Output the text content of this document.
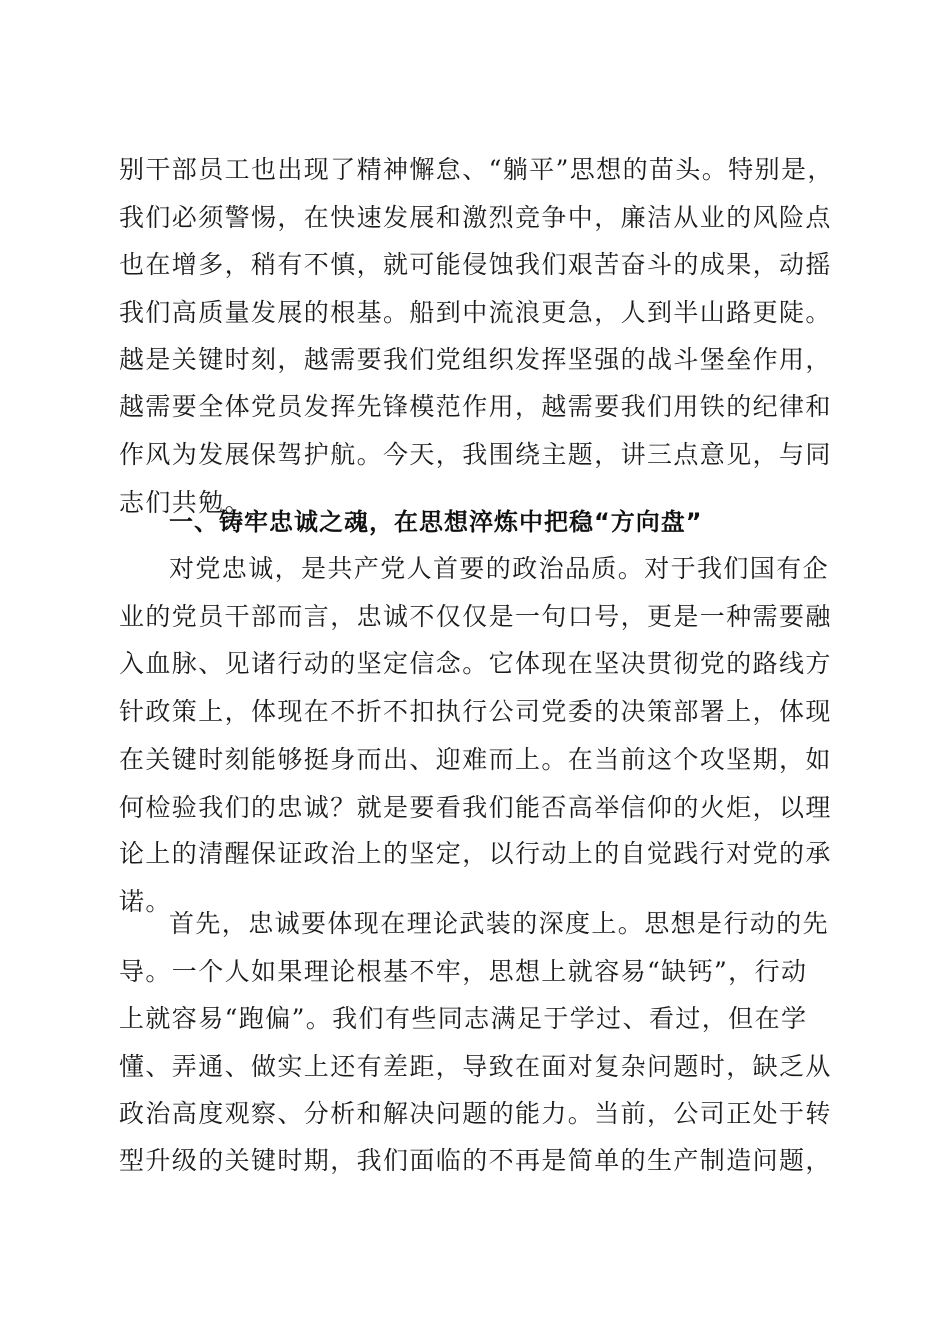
别干部员工也出现了精神懈怠、“躺平”思想的苗头。特别是，
我们必须警惕，在快速发展和激烈竞争中，廉洁从业的风险点
也在增多，稍有不慎，就可能侵蚀我们艰苦奋斗的成果，动摇
我们高质量发展的根基。船到中流浪更急，人到半山路更陡。
越是关键时刻，越需要我们党组织发挥坚强的战斗堡垒作用，
越需要全体党员发挥先锋模范作用，越需要我们用铁的纪律和
作风为发展保驾护航。今天，我围绕主题，讲三点意见，与同
志们共勉。
一、铸牢忠诚之魂，在思想淬炼中把稳“方向盘”
对党忠诚，是共产党人首要的政治品质。对于我们国有企
业的党员干部而言，忠诚不仅仅是一句口号，更是一种需要融
入血脉、见诸行动的坚定信念。它体现在坚决贯彻党的路线方
针政策上，体现在不折不扣执行公司党委的决策部署上，体现
在关键时刻能够挺身而出、迎难而上。在当前这个攻坚期，如
何检验我们的忠诚？就是要看我们能否高举信仰的火炬，以理
论上的清醒保证政治上的坚定，以行动上的自觉践行对党的承
诺。
首先，忠诚要体现在理论武装的深度上。思想是行动的先
导。一个人如果理论根基不牢，思想上就容易“缺钙”，行动
上就容易“跑偏”。我们有些同志满足于学过、看过，但在学
懂、弄通、做实上还有差距，导致在面对复杂问题时，缺乏从
政治高度观察、分析和解决问题的能力。当前，公司正处于转
型升级的关键时期，我们面临的不再是简单的生产制造问题，
